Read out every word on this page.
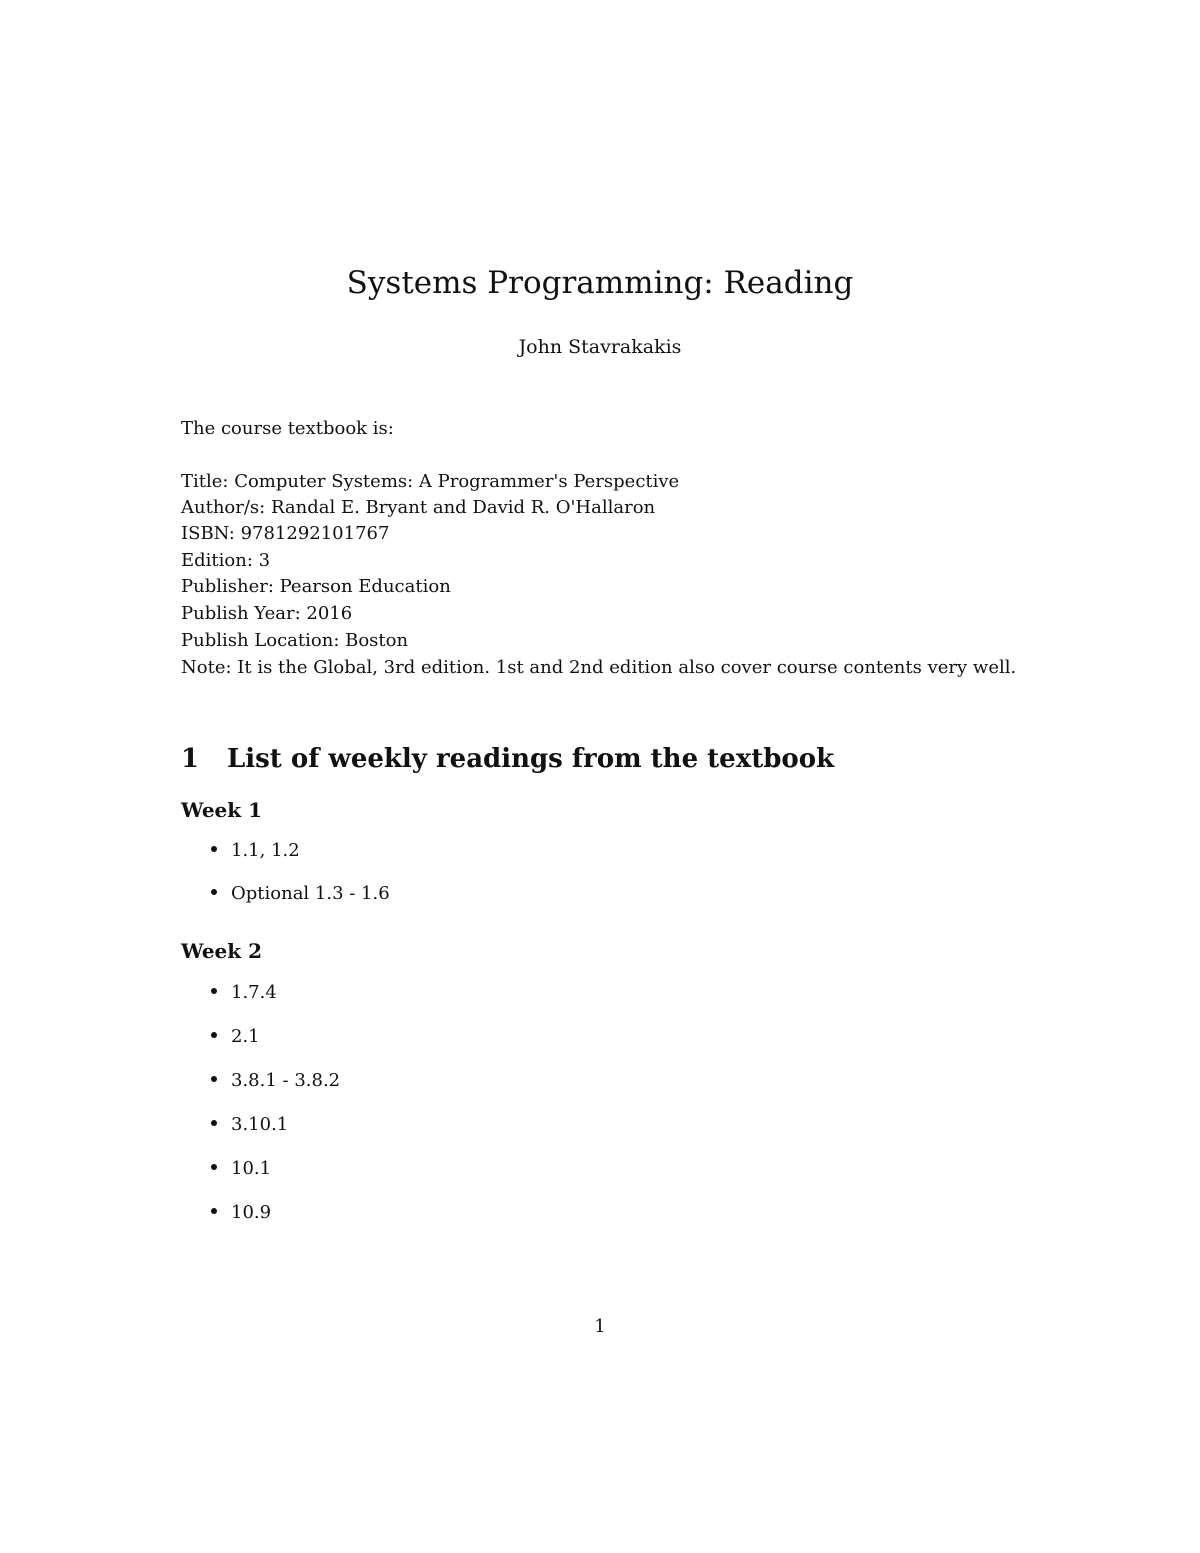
Systems Programming: Reading
John Stavrakakis
The course textbook is:
Title: Computer Systems: A Programmer's Perspective
Author/s: Randal E. Bryant and David R. O'Hallaron
ISBN: 9781292101767
Edition: 3
Publisher: Pearson Education
Publish Year: 2016
Publish Location: Boston
Note: It is the Global, 3rd edition. 1st and 2nd edition also cover course contents very well.
1 List of weekly readings from the textbook
Week 1
1.1, 1.2
Optional 1.3 - 1.6
Week 2
1.7.4
2.1
3.8.1 - 3.8.2
3.10.1
10.1
10.9
1
